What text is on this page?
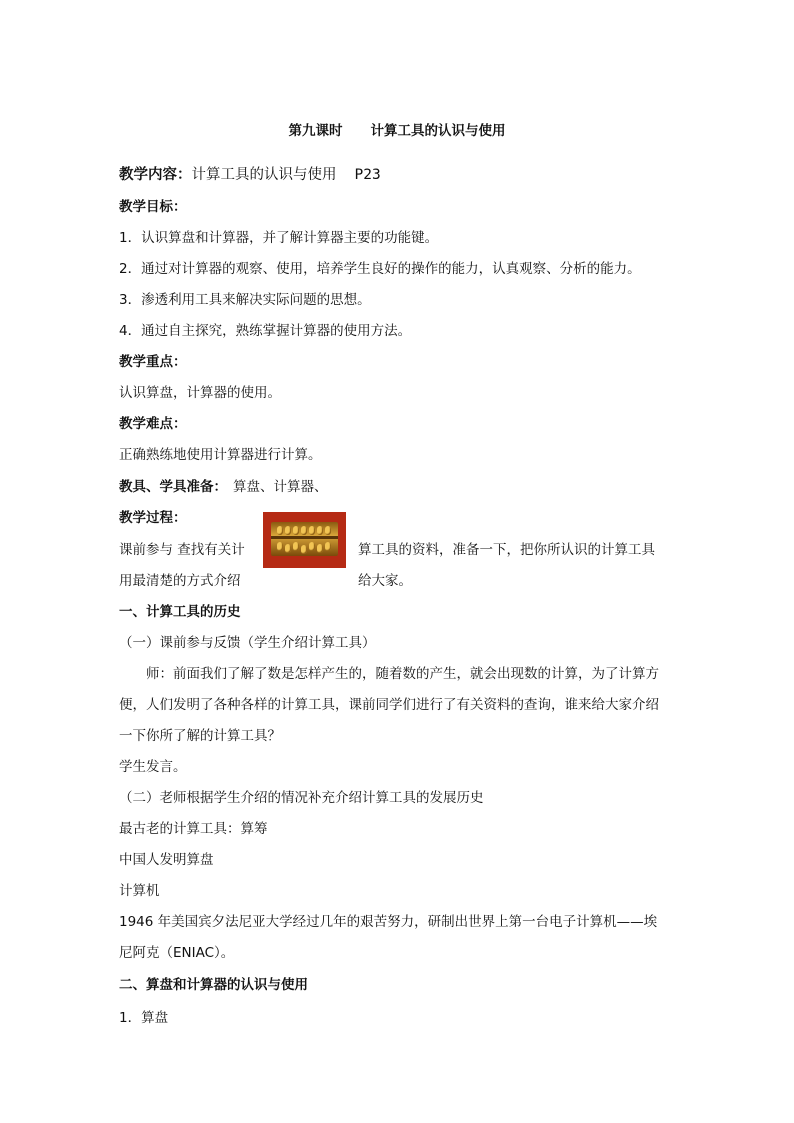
第九课时 计算工具的认识与使用
教学内容：计算工具的认识与使用 P23
教学目标：
1．认识算盘和计算器，并了解计算器主要的功能键。
2．通过对计算器的观察、使用，培养学生良好的操作的能力，认真观察、分析的能力。
3．渗透利用工具来解决实际问题的思想。
4．通过自主探究，熟练掌握计算器的使用方法。
教学重点：
认识算盘，计算器的使用。
教学难点：
正确熟练地使用计算器进行计算。
教具、学具准备： 算盘、计算器、
教学过程：
课前参与 查找有关计	算工具的资料，准备一下，把你所认识的计算工具
用最清楚的方式介绍	给大家。
一、计算工具的历史
（一）课前参与反馈（学生介绍计算工具）
师：前面我们了解了数是怎样产生的，随着数的产生，就会出现数的计算，为了计算方
便，人们发明了各种各样的计算工具，课前同学们进行了有关资料的查询，谁来给大家介绍
一下你所了解的计算工具？
学生发言。
（二）老师根据学生介绍的情况补充介绍计算工具的发展历史
最古老的计算工具：算筹
中国人发明算盘
计算机
1946 年美国宾夕法尼亚大学经过几年的艰苦努力，研制出世界上第一台电子计算机——埃
尼阿克（ENIAC）。
二、算盘和计算器的认识与使用
1．算盘
